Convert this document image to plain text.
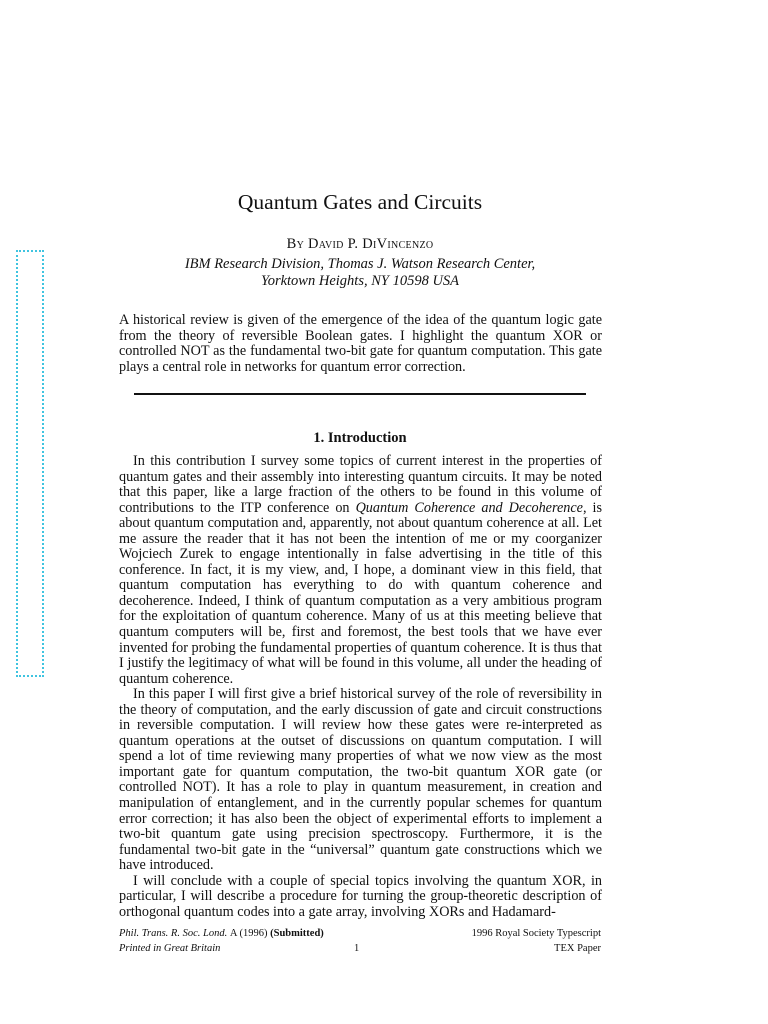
Quantum Gates and Circuits
By David P. DiVincenzo
IBM Research Division, Thomas J. Watson Research Center,
Yorktown Heights, NY 10598 USA
A historical review is given of the emergence of the idea of the quantum logic gate from the theory of reversible Boolean gates. I highlight the quantum XOR or controlled NOT as the fundamental two-bit gate for quantum computation. This gate plays a central role in networks for quantum error correction.
1. Introduction

In this contribution I survey some topics of current interest in the properties of quantum gates and their assembly into interesting quantum circuits. It may be noted that this paper, like a large fraction of the others to be found in this volume of contributions to the ITP conference on Quantum Coherence and Decoherence, is about quantum computation and, apparently, not about quantum coherence at all. Let me assure the reader that it has not been the intention of me or my coorganizer Wojciech Zurek to engage intentionally in false advertising in the title of this conference. In fact, it is my view, and, I hope, a dominant view in this field, that quantum computation has everything to do with quantum coherence and decoherence. Indeed, I think of quantum computation as a very ambitious program for the exploitation of quantum coherence. Many of us at this meeting believe that quantum computers will be, first and foremost, the best tools that we have ever invented for probing the fundamental properties of quantum coherence. It is thus that I justify the legitimacy of what will be found in this volume, all under the heading of quantum coherence.

In this paper I will first give a brief historical survey of the role of reversibility in the theory of computation, and the early discussion of gate and circuit constructions in reversible computation. I will review how these gates were re-interpreted as quantum operations at the outset of discussions on quantum computation. I will spend a lot of time reviewing many properties of what we now view as the most important gate for quantum computation, the two-bit quantum XOR gate (or controlled NOT). It has a role to play in quantum measurement, in creation and manipulation of entanglement, and in the currently popular schemes for quantum error correction; it has also been the object of experimental efforts to implement a two-bit quantum gate using precision spectroscopy. Furthermore, it is the fundamental two-bit gate in the “universal” quantum gate constructions which we have introduced.

I will conclude with a couple of special topics involving the quantum XOR, in particular, I will describe a procedure for turning the group-theoretic description of orthogonal quantum codes into a gate array, involving XORs and Hadamard-

Phil. Trans. R. Soc. Lond. A (1996) (Submitted)
Printed in Great Britain	1
1996 Royal Society Typescript
TEX Paper
